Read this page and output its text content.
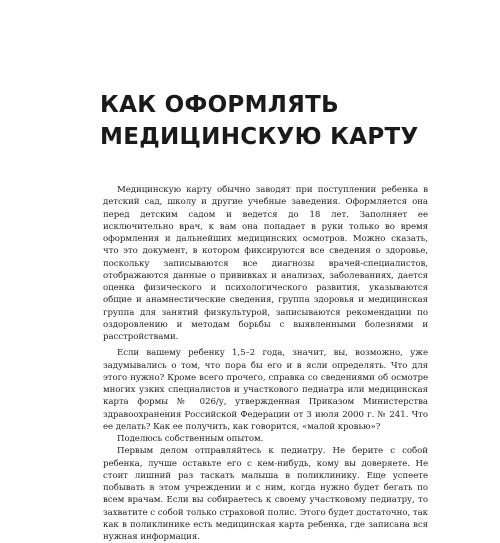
КАК ОФОРМЛЯТЬ
МЕДИЦИНСКУЮ КАРТУ

Медицинскую карту обычно заводят при поступлении ребенка в детский сад, школу и другие учебные заведения. Оформляется она перед детским садом и ведется до 18 лет. Заполняет ее исключительно врач, к вам она попадает в руки только во время оформления и дальнейших медицинских осмотров. Можно сказать, что это документ, в котором фиксируются все сведения о здоровье, поскольку записываются все диагнозы врачей-специалистов, отображаются данные о прививках и анализах, заболеваниях, дается оценка физического и психологического развития, указываются общие и анамнестические сведения, группа здоровья и медицинская группа для занятий физкультурой, записываются рекомендации по оздоровлению и методам борьбы с выявленными болезнями и расстройствами.

Если вашему ребенку 1,5–2 года, значит, вы, возможно, уже задумывались о том, что пора бы его и в ясли определять. Что для этого нужно? Кроме всего прочего, справка со сведениями об осмотре многих узких специалистов и участкового педиатра или медицинская карта формы № 026/у, утвержденная Приказом Министерства здравоохранения Российской Федерации от 3 июля 2000 г. № 241. Что ее делать? Как ее получить, как говорится, «малой кровью»?

Поделюсь собственным опытом.

Первым делом отправляйтесь к педиатру. Не берите с собой ребенка, лучше оставьте его с кем-нибудь, кому вы доверяете. Не стоит лишний раз таскать малыша в поликлинику. Еще успеете побывать в этом учреждении и с ним, когда нужно будет бегать по всем врачам. Если вы собираетесь к своему участковому педиатру, то захватите с собой только страховой полис. Этого будет достаточно, так как в поликлинике есть медицинская карта ребенка, где записана вся нужная информация.
